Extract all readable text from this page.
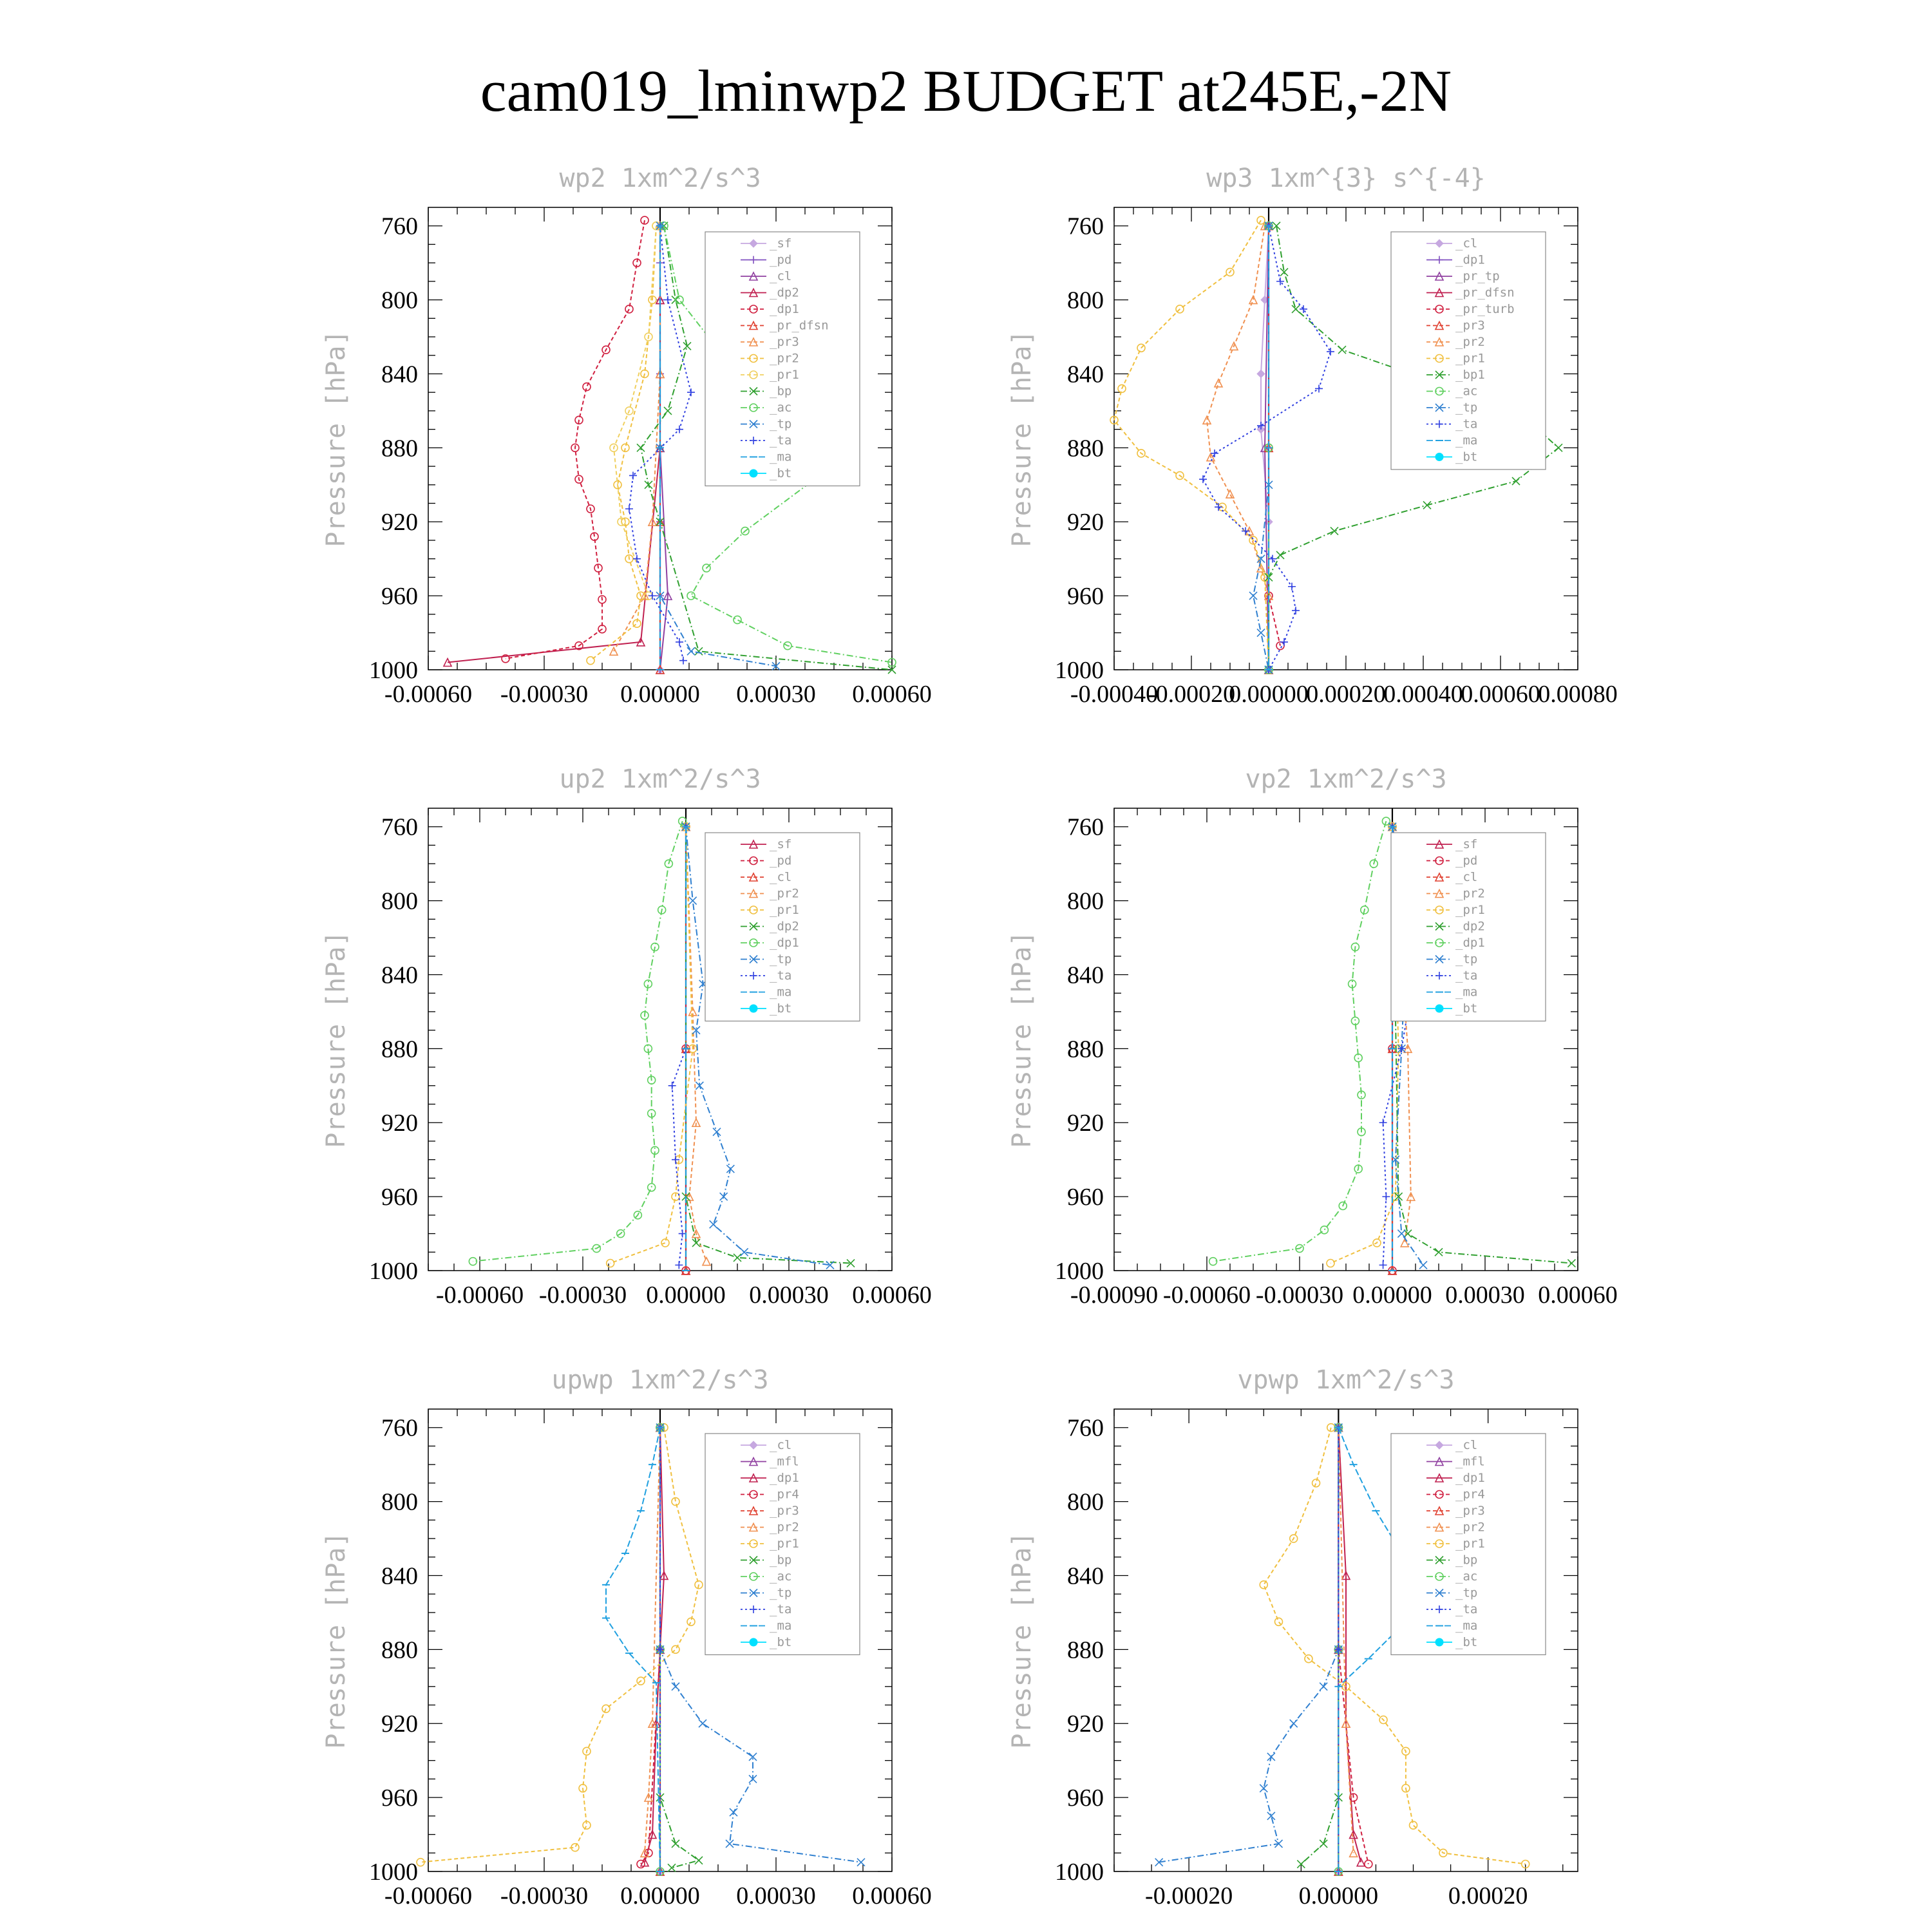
cam019_lminwp2 BUDGET at245E,-2N
wp2 1xm^2/s^3
Pressure [hPa]
760
800
840
880
920
960
1000
-0.00060 -0.00030 0.00000 0.00030 0.00060
_sf
_pd
_cl
_dp2
_dp1
_pr_dfsn
_pr3
_pr2
_pr1
_bp
_ac
_tp
_ta
_ma
_bt
wp3 1xm^{3} s^{-4}
Pressure [hPa]
760
800
840
880
920
960
1000
-0.00040
-0.00020
0.00000
0.00020
0.00040
0.00060
0.00080
_cl
_dp1
_pr_tp
_pr_dfsn
_pr_turb
_pr3
_pr2
_pr1
_bp1
_ac
_tp
_ta
_ma
_bt
up2 1xm^2/s^3
Pressure [hPa]
760
800
840
880
920
960
1000
-0.00060 -0.00030 0.00000 0.00030 0.00060
_sf
_pd
_cl
_pr2
_pr1
_dp2
_dp1
_tp
_ta
_ma
_bt
vp2 1xm^2/s^3
Pressure [hPa]
760
800
840
880
920
960
1000
-0.00090 -0.00060 -0.00030 0.00000 0.00030 0.00060
_sf
_pd
_cl
_pr2
_pr1
_dp2
_dp1
_tp
_ta
_ma
_bt
upwp 1xm^2/s^3
Pressure [hPa]
760
800
840
880
920
960
1000
-0.00060 -0.00030 0.00000 0.00030 0.00060
_cl
_mfl
_dp1
_pr4
_pr3
_pr2
_pr1
_bp
_ac
_tp
_ta
_ma
_bt
vpwp 1xm^2/s^3
Pressure [hPa]
760
800
840
880
920
960
1000
-0.00020	0.00000	0.00020
_cl
_mfl
_dp1
_pr4
_pr3
_pr2
_pr1
_bp
_ac
_tp
_ta
_ma
_bt
